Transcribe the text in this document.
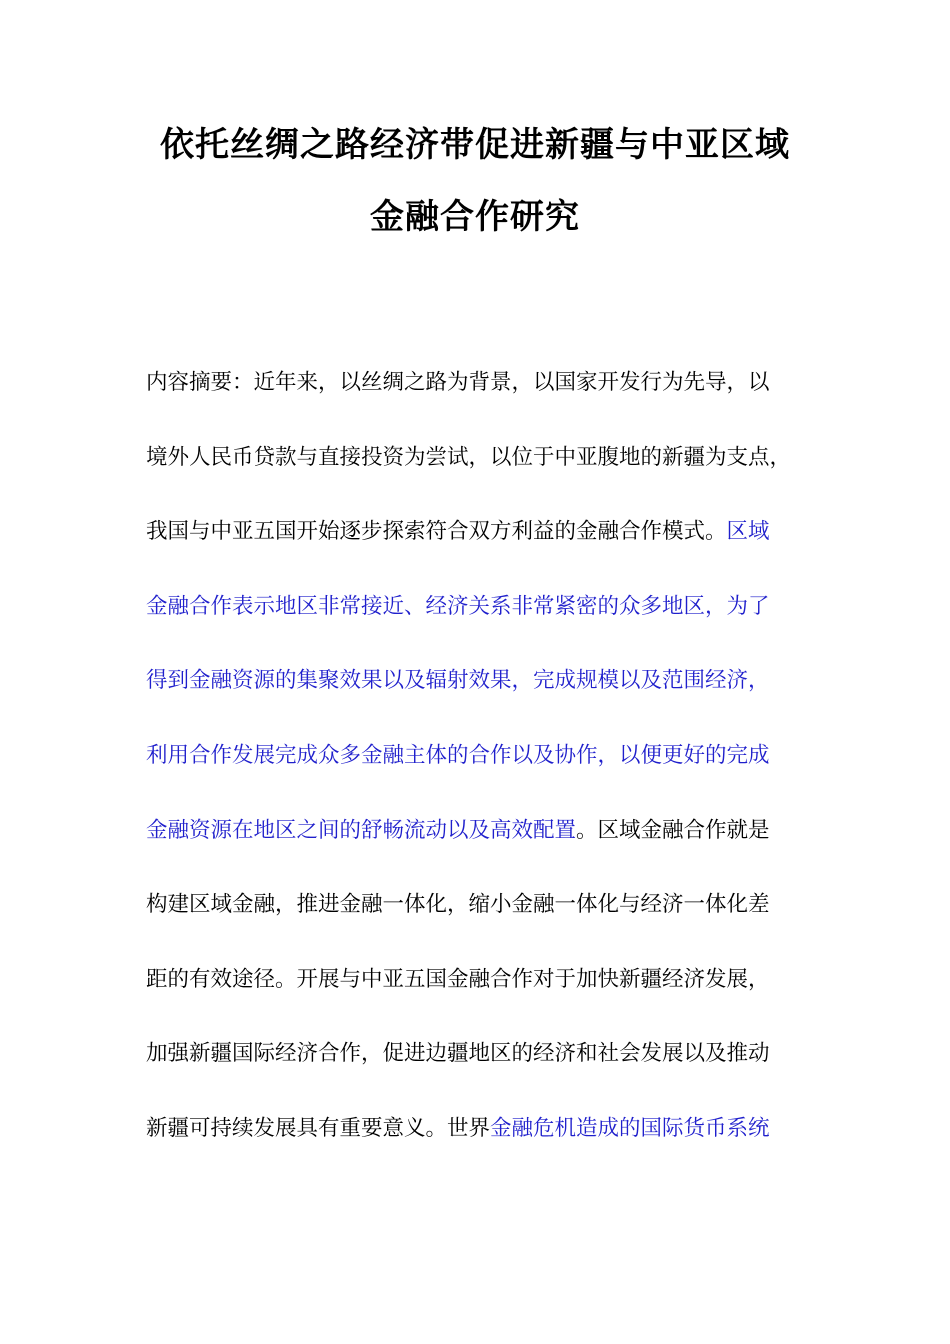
依托丝绸之路经济带促进新疆与中亚区域
金融合作研究
内容摘要：近年来，以丝绸之路为背景，以国家开发行为先导，以
境外人民币贷款与直接投资为尝试，以位于中亚腹地的新疆为支点，
我国与中亚五国开始逐步探索符合双方利益的金融合作模式。区域
金融合作表示地区非常接近、经济关系非常紧密的众多地区，为了
得到金融资源的集聚效果以及辐射效果，完成规模以及范围经济，
利用合作发展完成众多金融主体的合作以及协作，以便更好的完成
金融资源在地区之间的舒畅流动以及高效配置。区域金融合作就是
构建区域金融，推进金融一体化，缩小金融一体化与经济一体化差
距的有效途径。开展与中亚五国金融合作对于加快新疆经济发展，
加强新疆国际经济合作，促进边疆地区的经济和社会发展以及推动
新疆可持续发展具有重要意义。世界金融危机造成的国际货币系统
